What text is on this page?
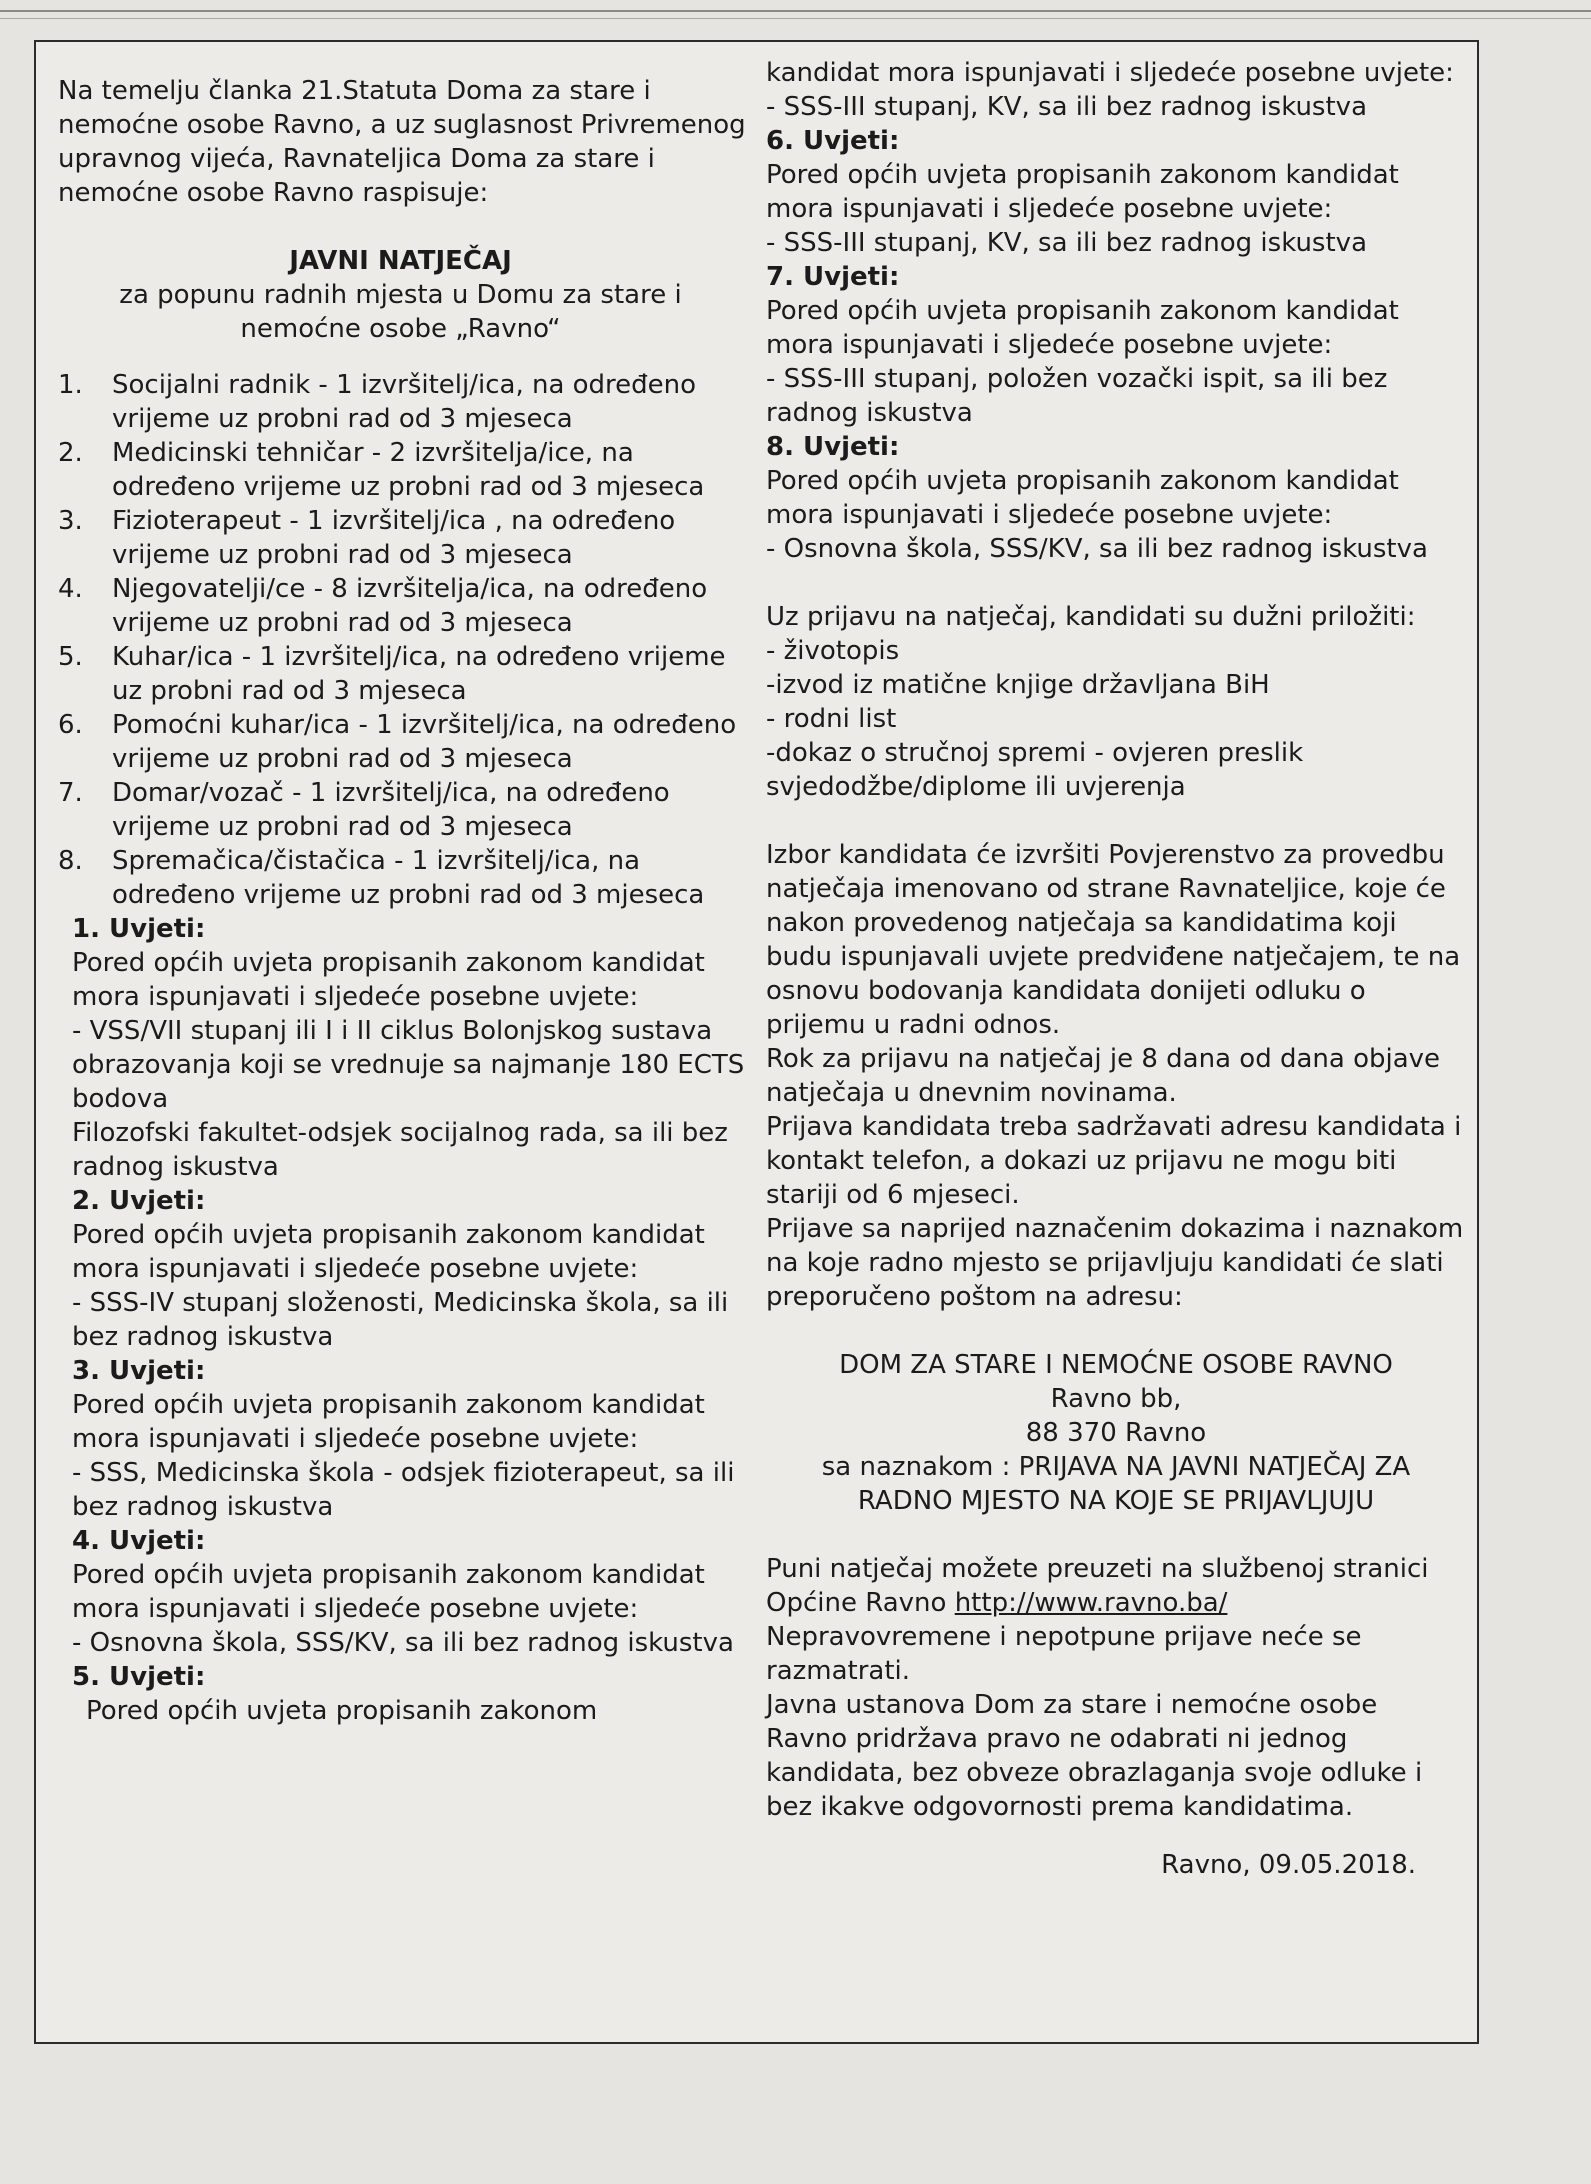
Na temelju članka 21.Statuta Doma za stare i nemoćne osobe Ravno, a uz suglasnost Privremenog upravnog vijeća, Ravnateljica Doma za stare i nemoćne osobe Ravno raspisuje:

JAVNI NATJEČAJ

za popunu radnih mjesta u Domu za stare i nemoćne osobe „Ravno“

1.	Socijalni radnik - 1 izvršitelj/ica, na određeno vrijeme uz probni rad od 3 mjeseca
2.	Medicinski tehničar - 2 izvršitelja/ice, na određeno vrijeme uz probni rad od 3 mjeseca
3.	Fizioterapeut - 1 izvršitelj/ica , na određeno vrijeme uz probni rad od 3 mjeseca
4.	Njegovatelji/ce - 8 izvršitelja/ica, na određeno vrijeme uz probni rad od 3 mjeseca
5.	Kuhar/ica - 1 izvršitelj/ica, na određeno vrijeme uz probni rad od 3 mjeseca
6.	Pomoćni kuhar/ica - 1 izvršitelj/ica, na određeno vrijeme uz probni rad od 3 mjeseca
7.	Domar/vozač - 1 izvršitelj/ica, na određeno vrijeme uz probni rad od 3 mjeseca
8.	Spremačica/čistačica - 1 izvršitelj/ica, na određeno vrijeme uz probni rad od 3 mjeseca

1. Uvjeti:

Pored općih uvjeta propisanih zakonom kandidat mora ispunjavati i sljedeće posebne uvjete:

- VSS/VII stupanj ili I i II ciklus Bolonjskog sustava obrazovanja koji se vrednuje sa najmanje 180 ECTS bodova

Filozofski fakultet-odsjek socijalnog rada, sa ili bez radnog iskustva

2. Uvjeti:

Pored općih uvjeta propisanih zakonom kandidat mora ispunjavati i sljedeće posebne uvjete:

- SSS-IV stupanj složenosti, Medicinska škola, sa ili bez radnog iskustva

3. Uvjeti:

Pored općih uvjeta propisanih zakonom kandidat mora ispunjavati i sljedeće posebne uvjete:

- SSS, Medicinska škola - odsjek fizioterapeut, sa ili bez radnog iskustva

4. Uvjeti:

Pored općih uvjeta propisanih zakonom kandidat mora ispunjavati i sljedeće posebne uvjete:

- Osnovna škola, SSS/KV, sa ili bez radnog iskustva

5. Uvjeti:

Pored općih uvjeta propisanih zakonom

kandidat mora ispunjavati i sljedeće posebne uvjete:

- SSS-III stupanj, KV, sa ili bez radnog iskustva

6. Uvjeti:

Pored općih uvjeta propisanih zakonom kandidat mora ispunjavati i sljedeće posebne uvjete:

- SSS-III stupanj, KV, sa ili bez radnog iskustva

7. Uvjeti:

Pored općih uvjeta propisanih zakonom kandidat mora ispunjavati i sljedeće posebne uvjete:

- SSS-III stupanj, položen vozački ispit, sa ili bez radnog iskustva

8. Uvjeti:

Pored općih uvjeta propisanih zakonom kandidat mora ispunjavati i sljedeće posebne uvjete:

- Osnovna škola, SSS/KV, sa ili bez radnog iskustva

Uz prijavu na natječaj, kandidati su dužni priložiti:

- životopis

-izvod iz matične knjige državljana BiH

- rodni list

-dokaz o stručnoj spremi - ovjeren preslik svjedodžbe/diplome ili uvjerenja

Izbor kandidata će izvršiti Povjerenstvo za provedbu natječaja imenovano od strane Ravnateljice, koje će nakon provedenog natječaja sa kandidatima koji budu ispunjavali uvjete predviđene natječajem, te na osnovu bodovanja kandidata donijeti odluku o prijemu u radni odnos.

Rok za prijavu na natječaj je 8 dana od dana objave natječaja u dnevnim novinama.

Prijava kandidata treba sadržavati adresu kandidata i kontakt telefon, a dokazi uz prijavu ne mogu biti stariji od 6 mjeseci.

Prijave sa naprijed naznačenim dokazima i naznakom na koje radno mjesto se prijavljuju kandidati će slati preporučeno poštom na adresu:

DOM ZA STARE I NEMOĆNE OSOBE RAVNO

Ravno bb,

88 370 Ravno

sa naznakom : PRIJAVA NA JAVNI NATJEČAJ ZA RADNO MJESTO NA KOJE SE PRIJAVLJUJU

Puni natječaj možete preuzeti na službenoj stranici Općine Ravno http://www.ravno.ba/

Nepravovremene i nepotpune prijave neće se razmatrati.

Javna ustanova Dom za stare i nemoćne osobe Ravno pridržava pravo ne odabrati ni jednog kandidata, bez obveze obrazlaganja svoje odluke i bez ikakve odgovornosti prema kandidatima.

Ravno, 09.05.2018.
